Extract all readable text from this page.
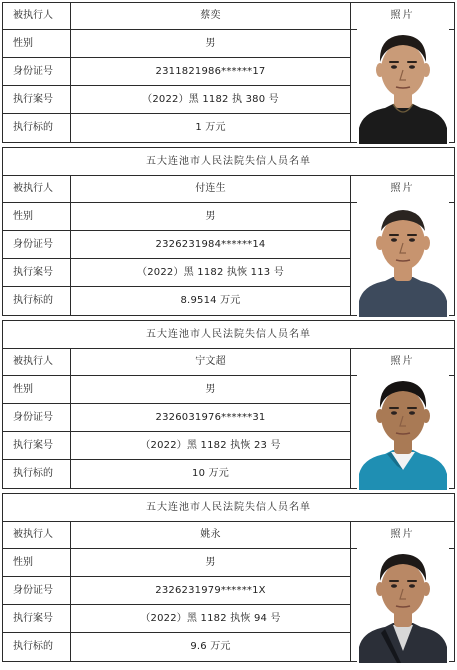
被执行人	蔡奕
性别	男
身份证号	2311821986******17
执行案号	（2022）黑 1182 执 380 号
执行标的	1 万元
照片
被执行人	付连生
性别	男
身份证号	2326231984******14
执行案号	（2022）黑 1182 执恢 113 号
执行标的	8.9514 万元
照片
被执行人	宁文超
性别	男
身份证号	2326031976******31
执行案号	（2022）黑 1182 执恢 23 号
执行标的	10 万元
照片
被执行人	姚永
性别	男
身份证号	2326231979******1X
执行案号	（2022）黑 1182 执恢 94 号
执行标的	9.6 万元
照片
五大连池市人民法院失信人员名单
五大连池市人民法院失信人员名单
五大连池市人民法院失信人员名单
